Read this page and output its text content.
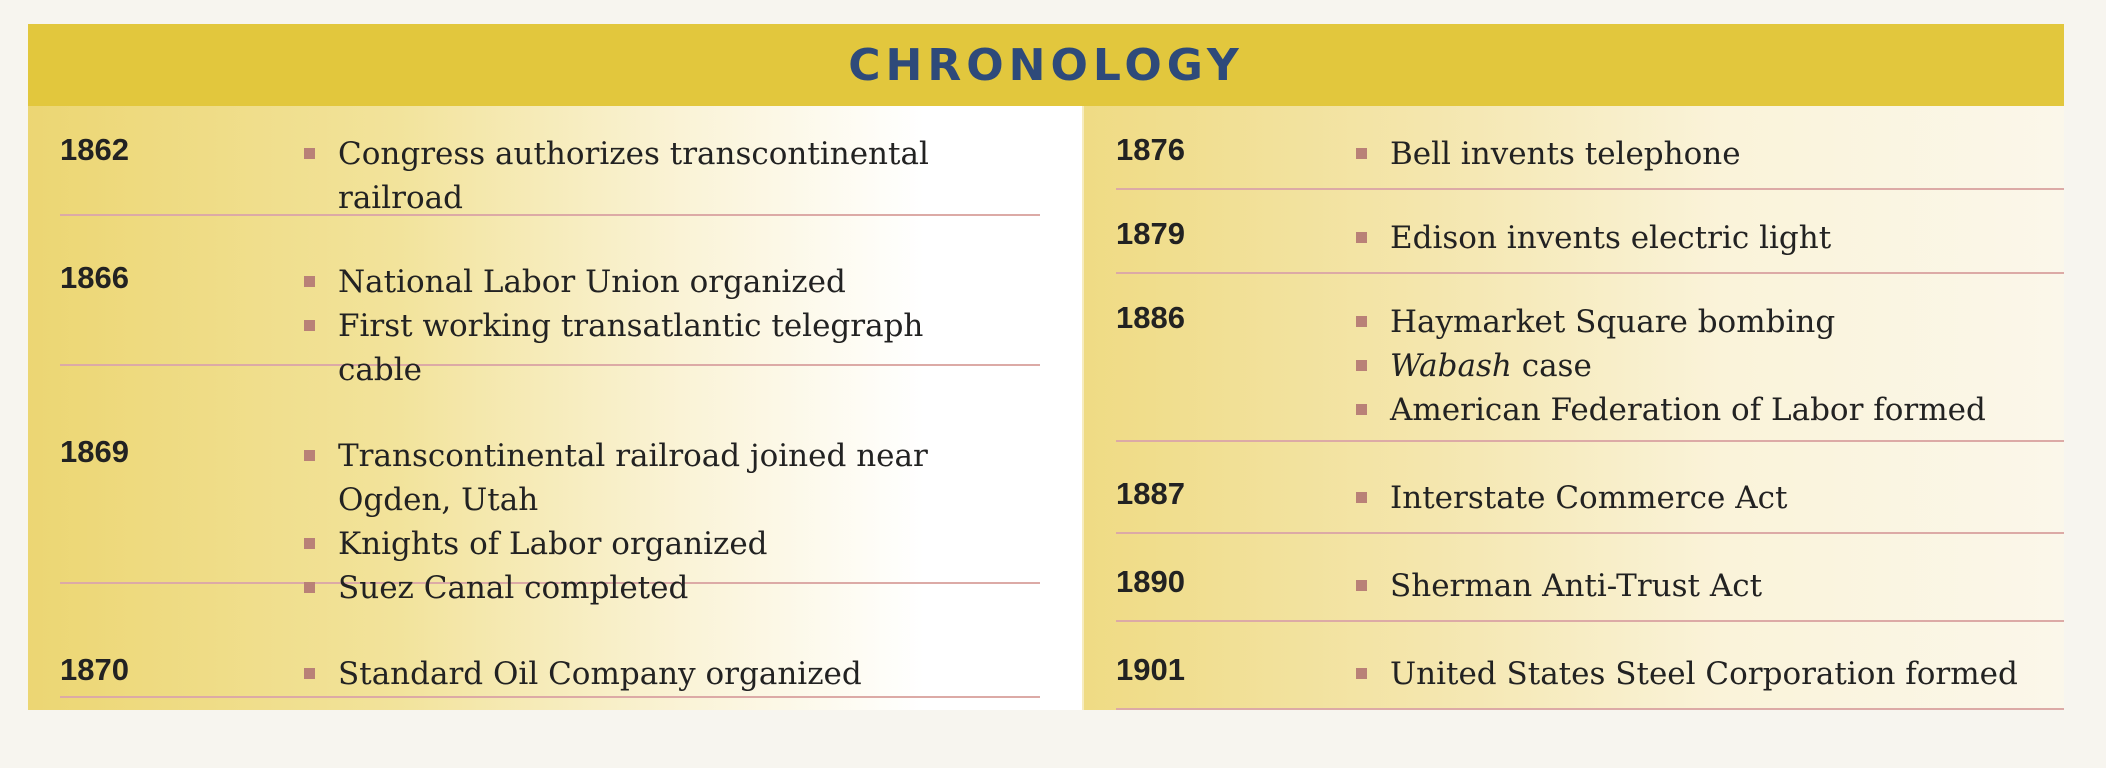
CHRONOLOGY
1862	Congress authorizes transcontinental railroad
1866	National Labor Union organized
First working transatlantic telegraph cable
1869	Transcontinental railroad joined near Ogden, Utah
Knights of Labor organized
Suez Canal completed
1870	Standard Oil Company organized
1876	Bell invents telephone
1879	Edison invents electric light
1886	Haymarket Square bombing
Wabash case
American Federation of Labor formed
1887	Interstate Commerce Act
1890	Sherman Anti-Trust Act
1901	United States Steel Corporation formed
